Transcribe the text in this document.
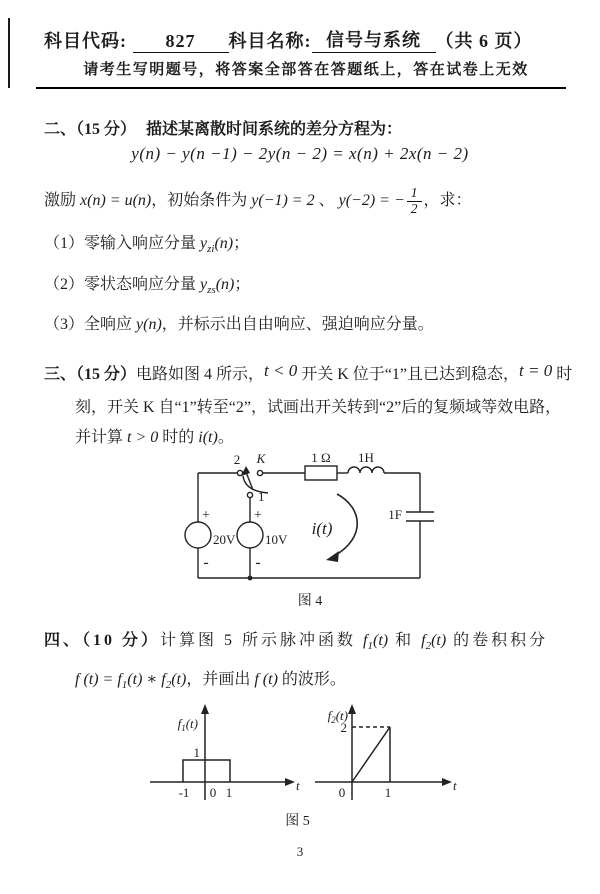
科目代码: 827 科目名称: 信号与系统 （共 6 页）
请考生写明题号，将答案全部答在答题纸上，答在试卷上无效
二、（15 分） 描述某离散时间系统的差分方程为：
y(n) − y(n −1) − 2y(n − 2) = x(n) + 2x(n − 2)
激励 x(n) = u(n)，初始条件为 y(−1) = 2 、 y(−2) = − $\frac{1}{2}$ ，求：
（1）零输入响应分量 $y_{zi}(n)$；
（2）零状态响应分量 $y_{zs}(n)$；
（3）全响应 y(n)，并标示出自由响应、强迫响应分量。
三、（15 分）电路如图 4 所示，t < 0 开关 K 位于“1”且已达到稳态，t = 0 时
刻，开关 K 自“1”转至“2”，试画出开关转到“2”后的复频域等效电路，
并计算 t > 0 时的 i(t)。
2 K
1
1 Ω 1H
1F
20V 10V
+	+
-	-
i(t)
图 4
四、（10 分）计算图 5 所示脉冲函数 $f_1(t)$ 和 $f_2(t)$ 的卷积积分
f $(t) = f_1(t)$ ∗ $f_2(t)$，并画出 f (t) 的波形。
$f_1(t)$
1
-1 0 1	t
$f_2(t)$
2
0	1	t
图 5
3
